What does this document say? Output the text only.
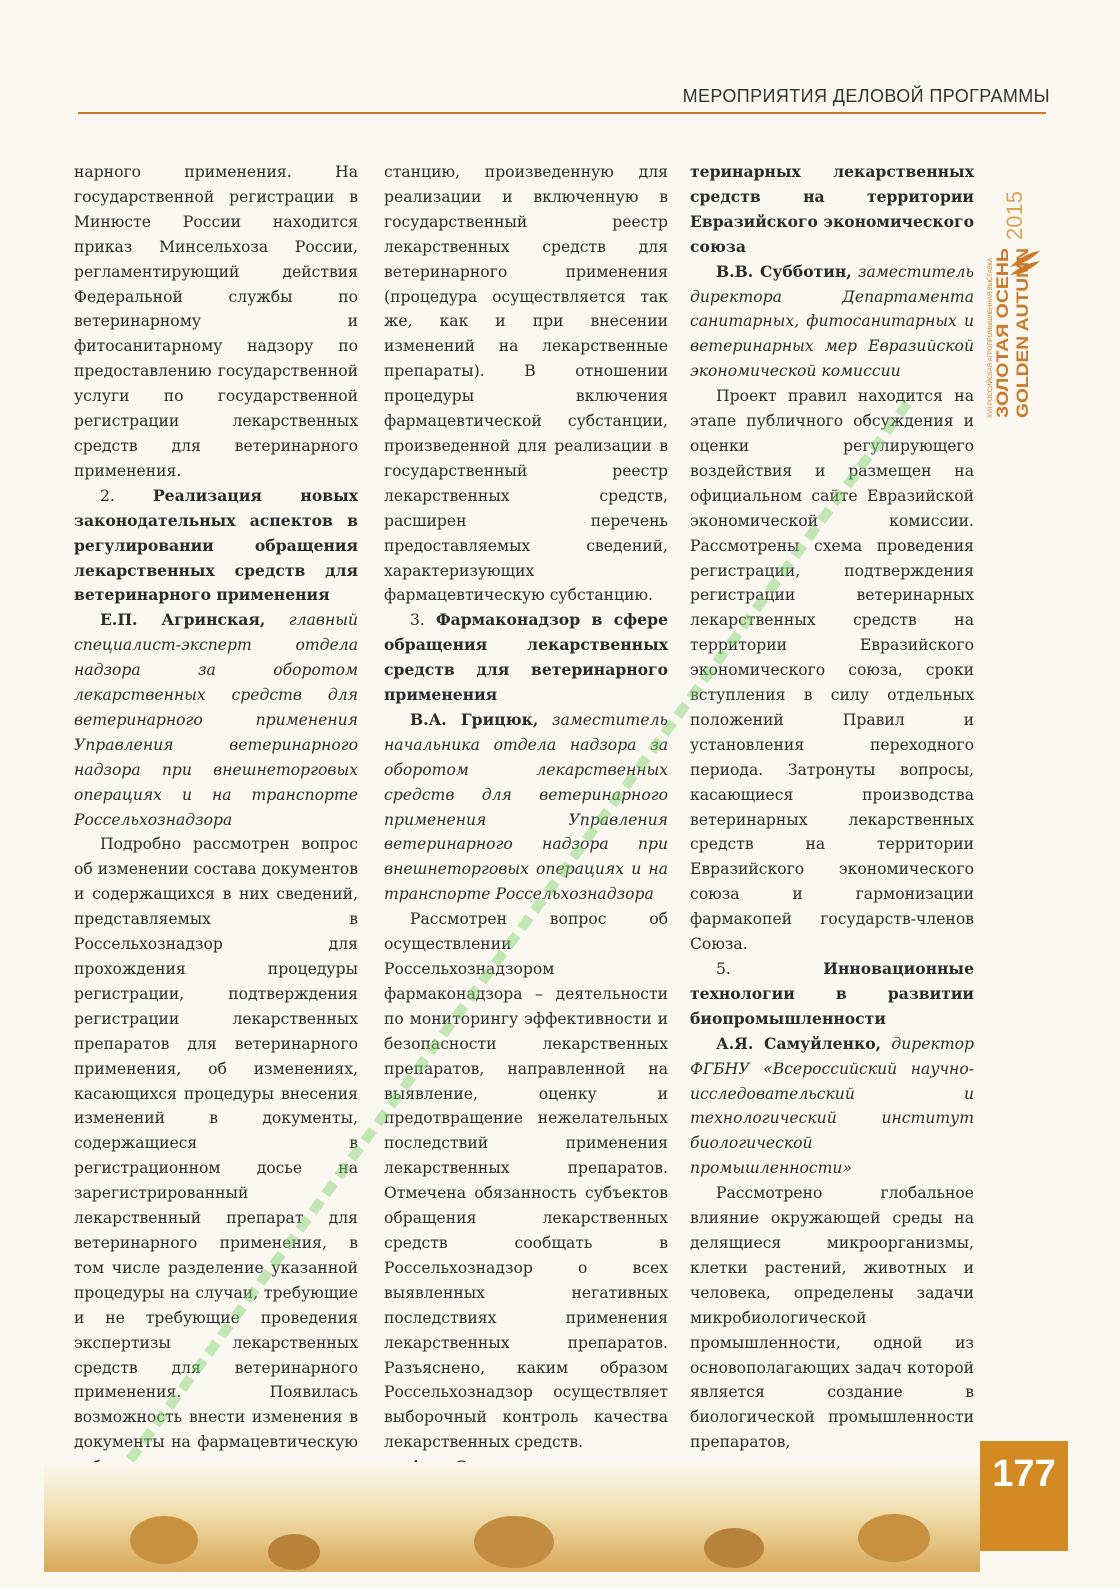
МЕРОПРИЯТИЯ ДЕЛОВОЙ ПРОГРАММЫ
XVII РОССИЙСКАЯ АГРОПРОМЫШЛЕННАЯ ВЫСТАВКА ЗОЛОТАЯ ОСЕНЬ GOLDEN AUTUMN
2015

нарного применения. На государственной регистрации в Минюсте России находится приказ Минсельхоза России, регламентирующий действия Федеральной службы по ветеринарному и фитосанитарному надзору по предоставлению государственной услуги по государственной регистрации лекарственных средств для ветеринарного применения.

2. Реализация новых законодательных аспектов в регулировании обращения лекарственных средств для ветеринарного применения

Е.П. Агринская, главный специалист-эксперт отдела надзора за оборотом лекарственных средств для ветеринарного применения Управления ветеринарного надзора при внешнеторговых операциях и на транспорте Россельхознадзора

Подробно рассмотрен вопрос об изменении состава документов и содержащихся в них сведений, представляемых в Россельхознадзор для прохождения процедуры регистрации, подтверждения регистрации лекарственных препаратов для ветеринарного применения, об изменениях, касающихся процедуры внесения изменений в документы, содержащиеся в регистрационном досье на зарегистрированный лекарственный препарат для ветеринарного применения, в том числе разделение указанной процедуры на случаи, требующие и не требующие проведения экспертизы лекарственных средств для ветеринарного применения. Появилась возможность внести изменения в документы на фармацевтическую

станцию, произведенную для реализации и включенную в государственный реестр лекарственных средств для ветеринарного применения (процедура осуществляется так же, как и при внесении изменений на лекарственные препараты). В отношении процедуры включения фармацевтической субстанции, произведенной для реализации в государственный реестр лекарственных средств, расширен перечень предоставляемых сведений, характеризующих фармацевтическую субстанцию.

3. Фармаконадзор в сфере обращения лекарственных средств для ветеринарного применения

В.А. Грицюк, заместитель начальника отдела надзора за оборотом лекарственных средств для ветеринарного применения Управления ветеринарного надзора при внешнеторговых операциях и на транспорте Россельхознадзора

Рассмотрен вопрос об осуществлении Россельхознадзором фармаконадзора – деятельности по мониторингу эффективности и безопасности лекарственных препаратов, направленной на выявление, оценку и предотвращение нежелательных последствий применения лекарственных препаратов. Отмечена обязанность субъектов обращения лекарственных средств сообщать в Россельхознадзор о всех выявленных негативных последствиях применения лекарственных препаратов. Разъяснено, каким образом Россельхознадзор осуществляет выборочный контроль качества лекарственных средств.

теринарных лекарственных средств на территории Евразийского экономического союза

В.В. Субботин, заместитель директора Департамента санитарных, фитосанитарных и ветеринарных мер Евразийской экономической комиссии

Проект правил находится на этапе публичного обсуждения и оценки регулирующего воздействия и размещен на официальном сайте Евразийской экономической комиссии. Рассмотрены схема проведения регистрации, подтверждения регистрации ветеринарных лекарственных средств на территории Евразийского экономического союза, сроки вступления в силу отдельных положений Правил и установления переходного периода. Затронуты вопросы, касающиеся производства ветеринарных лекарственных средств на территории Евразийского экономического союза и гармонизации фармакопей государств-членов Союза.

5.	Инновационные технологии в развитии биопромышленности

А.Я. Самуйленко, директор ФГБНУ «Всероссийский научно-исследовательский и технологический институт биологической промышленности»

Рассмотрено глобальное влияние окружающей среды на делящиеся микроорганизмы, клетки растений, животных и человека, определены задачи микробиологической промышленности, одной из основополагающих задач которой является создание в биологической промышленности препаратов,

177
